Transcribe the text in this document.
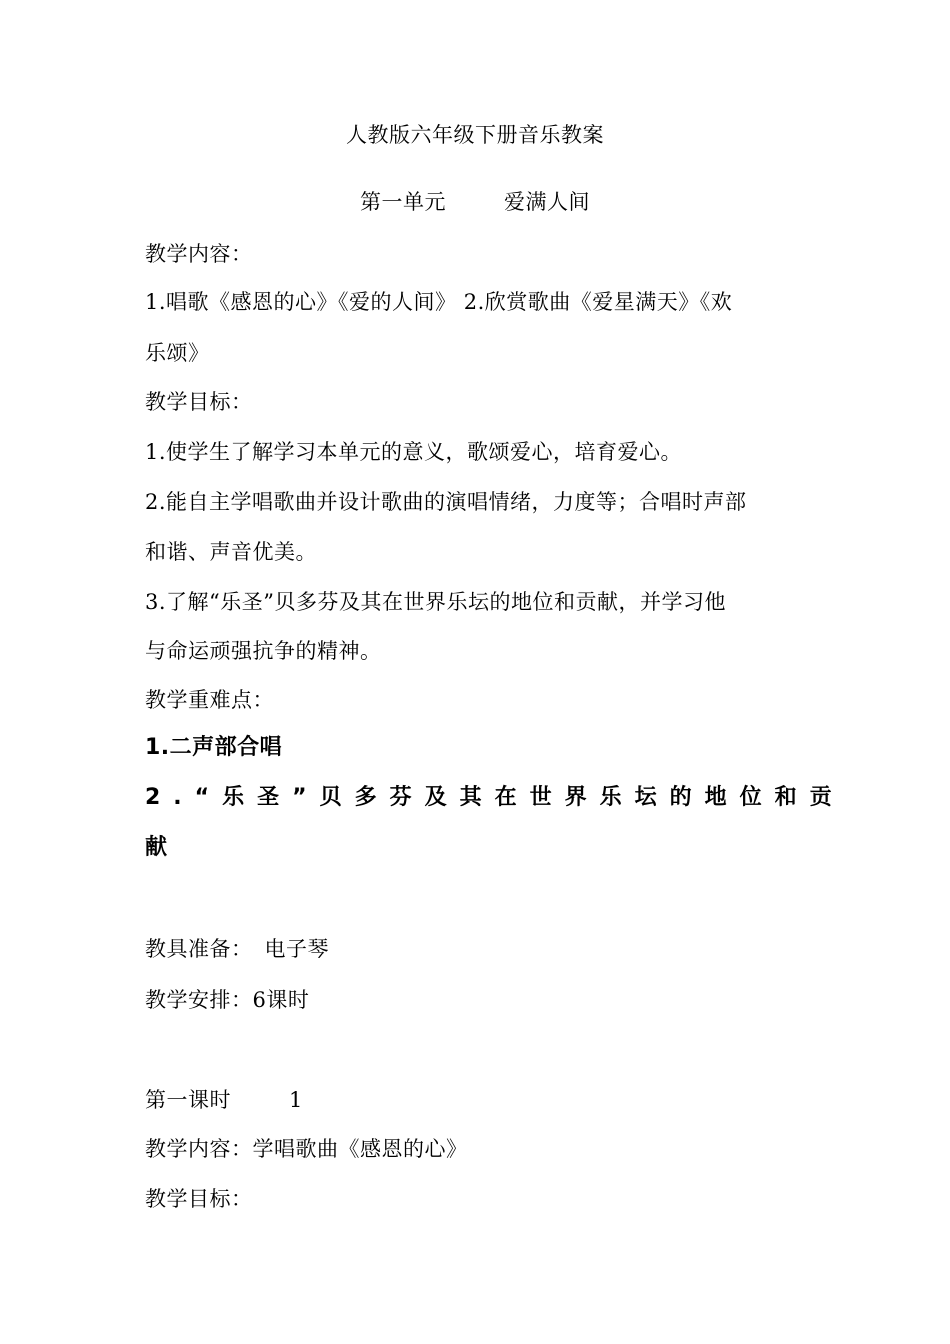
人教版六年级下册音乐教案
第一单元	爱满人间
教学内容：
1.唱歌《感恩的心》《爱的人间》 2.欣赏歌曲《爱星满天》《欢
乐颂》
教学目标：
1.使学生了解学习本单元的意义，歌颂爱心，培育爱心。
2.能自主学唱歌曲并设计歌曲的演唱情绪，力度等；合唱时声部
和谐、声音优美。
3.了解“乐圣”贝多芬及其在世界乐坛的地位和贡献，并学习他
与命运顽强抗争的精神。
教学重难点：
1.二声部合唱
2.“乐圣”贝多芬及其在世界乐坛的地位和贡
献
教具准备： 电子琴
教学安排：6课时
第一课时	1
教学内容：学唱歌曲《感恩的心》
教学目标：
